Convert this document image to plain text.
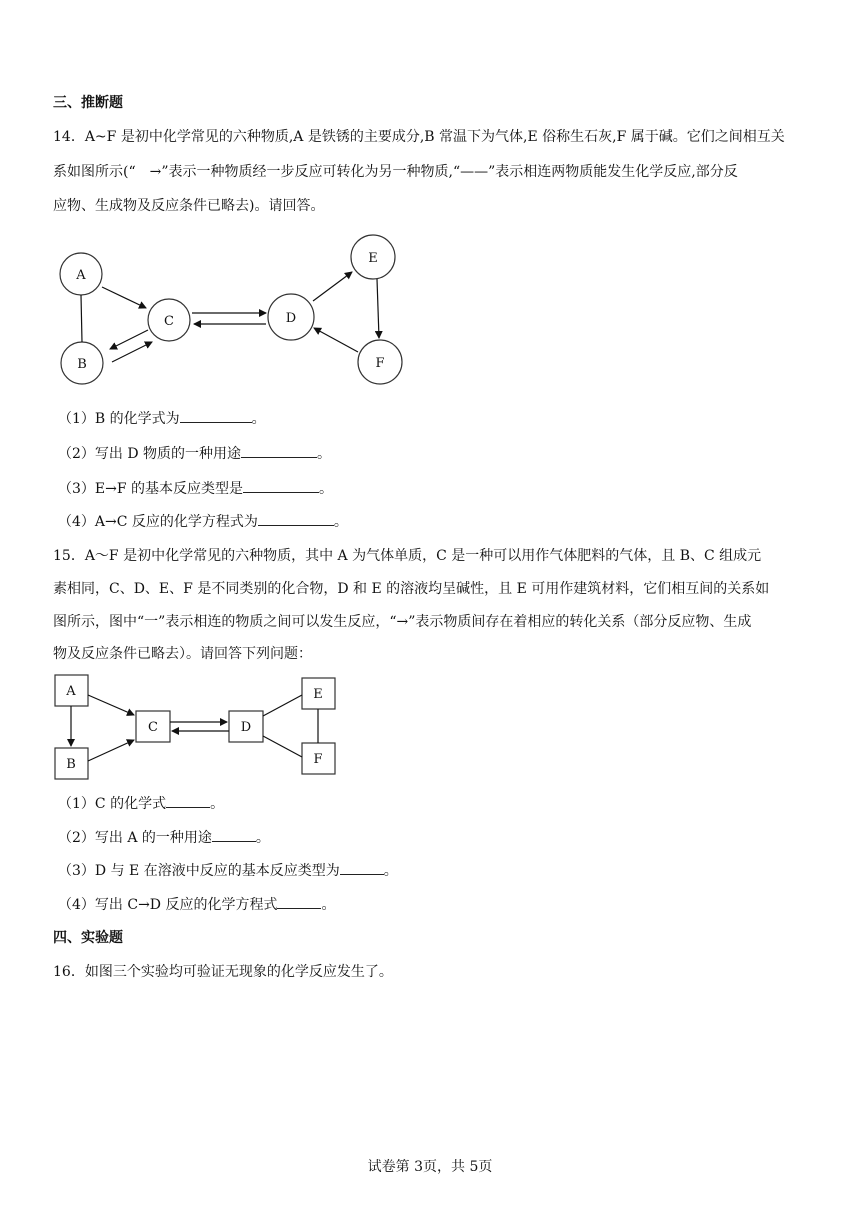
三、推断题
14．A~F 是初中化学常见的六种物质,A 是铁锈的主要成分,B 常温下为气体,E 俗称生石灰,F 属于碱。它们之间相互关
系如图所示(“　→”表示一种物质经一步反应可转化为另一种物质,“——”表示相连两物质能发生化学反应,部分反
应物、生成物及反应条件已略去)。请回答。
A
B
C	D
E
F
（1）B 的化学式为	。
（2）写出 D 物质的一种用途	。
（3）E→F 的基本反应类型是	。
（4）A→C 反应的化学方程式为	。
15．A～F 是初中化学常见的六种物质，其中 A 为气体单质，C 是一种可以用作气体肥料的气体，且 B、C 组成元
素相同，C、D、E、F 是不同类别的化合物，D 和 E 的溶液均呈碱性，且 E 可用作建筑材料，它们相互间的关系如
图所示，图中“一”表示相连的物质之间可以发生反应，“→”表示物质间存在着相应的转化关系（部分反应物、生成
物及反应条件已略去）。请回答下列问题：
A
B
C	D
E
F
（1）C 的化学式	。
（2）写出 A 的一种用途	。
（3）D 与 E 在溶液中反应的基本反应类型为	。
（4）写出 C→D 反应的化学方程式	。
四、实验题
16．如图三个实验均可验证无现象的化学反应发生了。
试卷第 3页，共 5页
